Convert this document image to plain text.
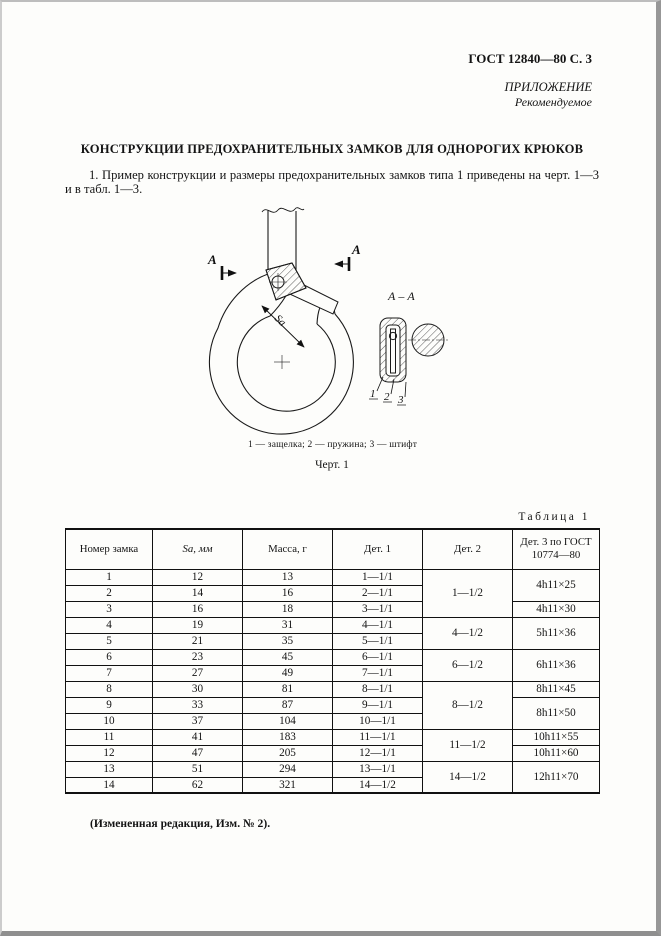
ГОСТ 12840—80 С. 3
ПРИЛОЖЕНИЕ
Рекомендуемое
КОНСТРУКЦИИ ПРЕДОХРАНИТЕЛЬНЫХ ЗАМКОВ ДЛЯ ОДНОРОГИХ КРЮКОВ
1. Пример конструкции и размеры предохранительных замков типа 1 приведены на черт. 1—3 и в табл. 1—3.
А
А
Sа
А – А
1 2 3
1 — защелка; 2 — пружина; 3 — штифт
Черт. 1
Таблица 1
Номер замка	Sа, мм	Масса, г	Дет. 1	Дет. 2	Дет. 3 по ГОСТ 10774—80
1	12	13	1—1/1	1—1/2	4h11×25
2	14	16	2—1/1		
3	16	18	3—1/1		4h11×30
4	19	31	4—1/1	4—1/2	5h11×36
5	21	35	5—1/1		
6	23	45	6—1/1	6—1/2	6h11×36
7	27	49	7—1/1		
8	30	81	8—1/1	8—1/2	8h11×45
9	33	87	9—1/1		8h11×50
10	37	104	10—1/1		
11	41	183	11—1/1	11—1/2	10h11×55
12	47	205	12—1/1		10h11×60
13	51	294	13—1/1	14—1/2	12h11×70
14	62	321	14—1/2		
(Измененная редакция, Изм. № 2).
